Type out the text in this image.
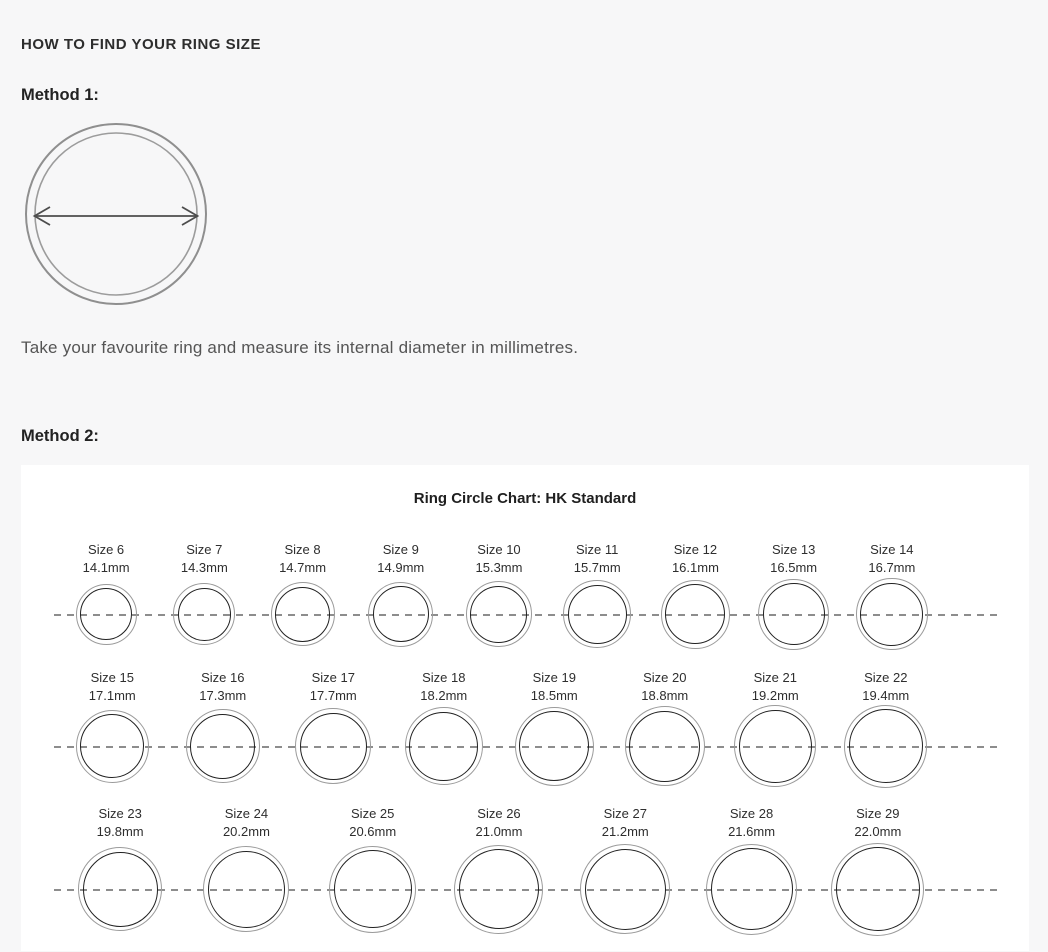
HOW TO FIND YOUR RING SIZE
Method 1:

Take your favourite ring and measure its internal diameter in millimetres.

Method 2:
Ring Circle Chart: HK Standard
Size 6
14.1mm
Size 7
14.3mm
Size 8
14.7mm
Size 9
14.9mm
Size 10
15.3mm
Size 11
15.7mm
Size 12
16.1mm
Size 13
16.5mm
Size 14
16.7mm
Size 15
17.1mm
Size 16
17.3mm
Size 17
17.7mm
Size 18
18.2mm
Size 19
18.5mm
Size 20
18.8mm
Size 21
19.2mm
Size 22
19.4mm
Size 23
19.8mm
Size 24
20.2mm
Size 25
20.6mm
Size 26
21.0mm
Size 27
21.2mm
Size 28
21.6mm
Size 29
22.0mm
